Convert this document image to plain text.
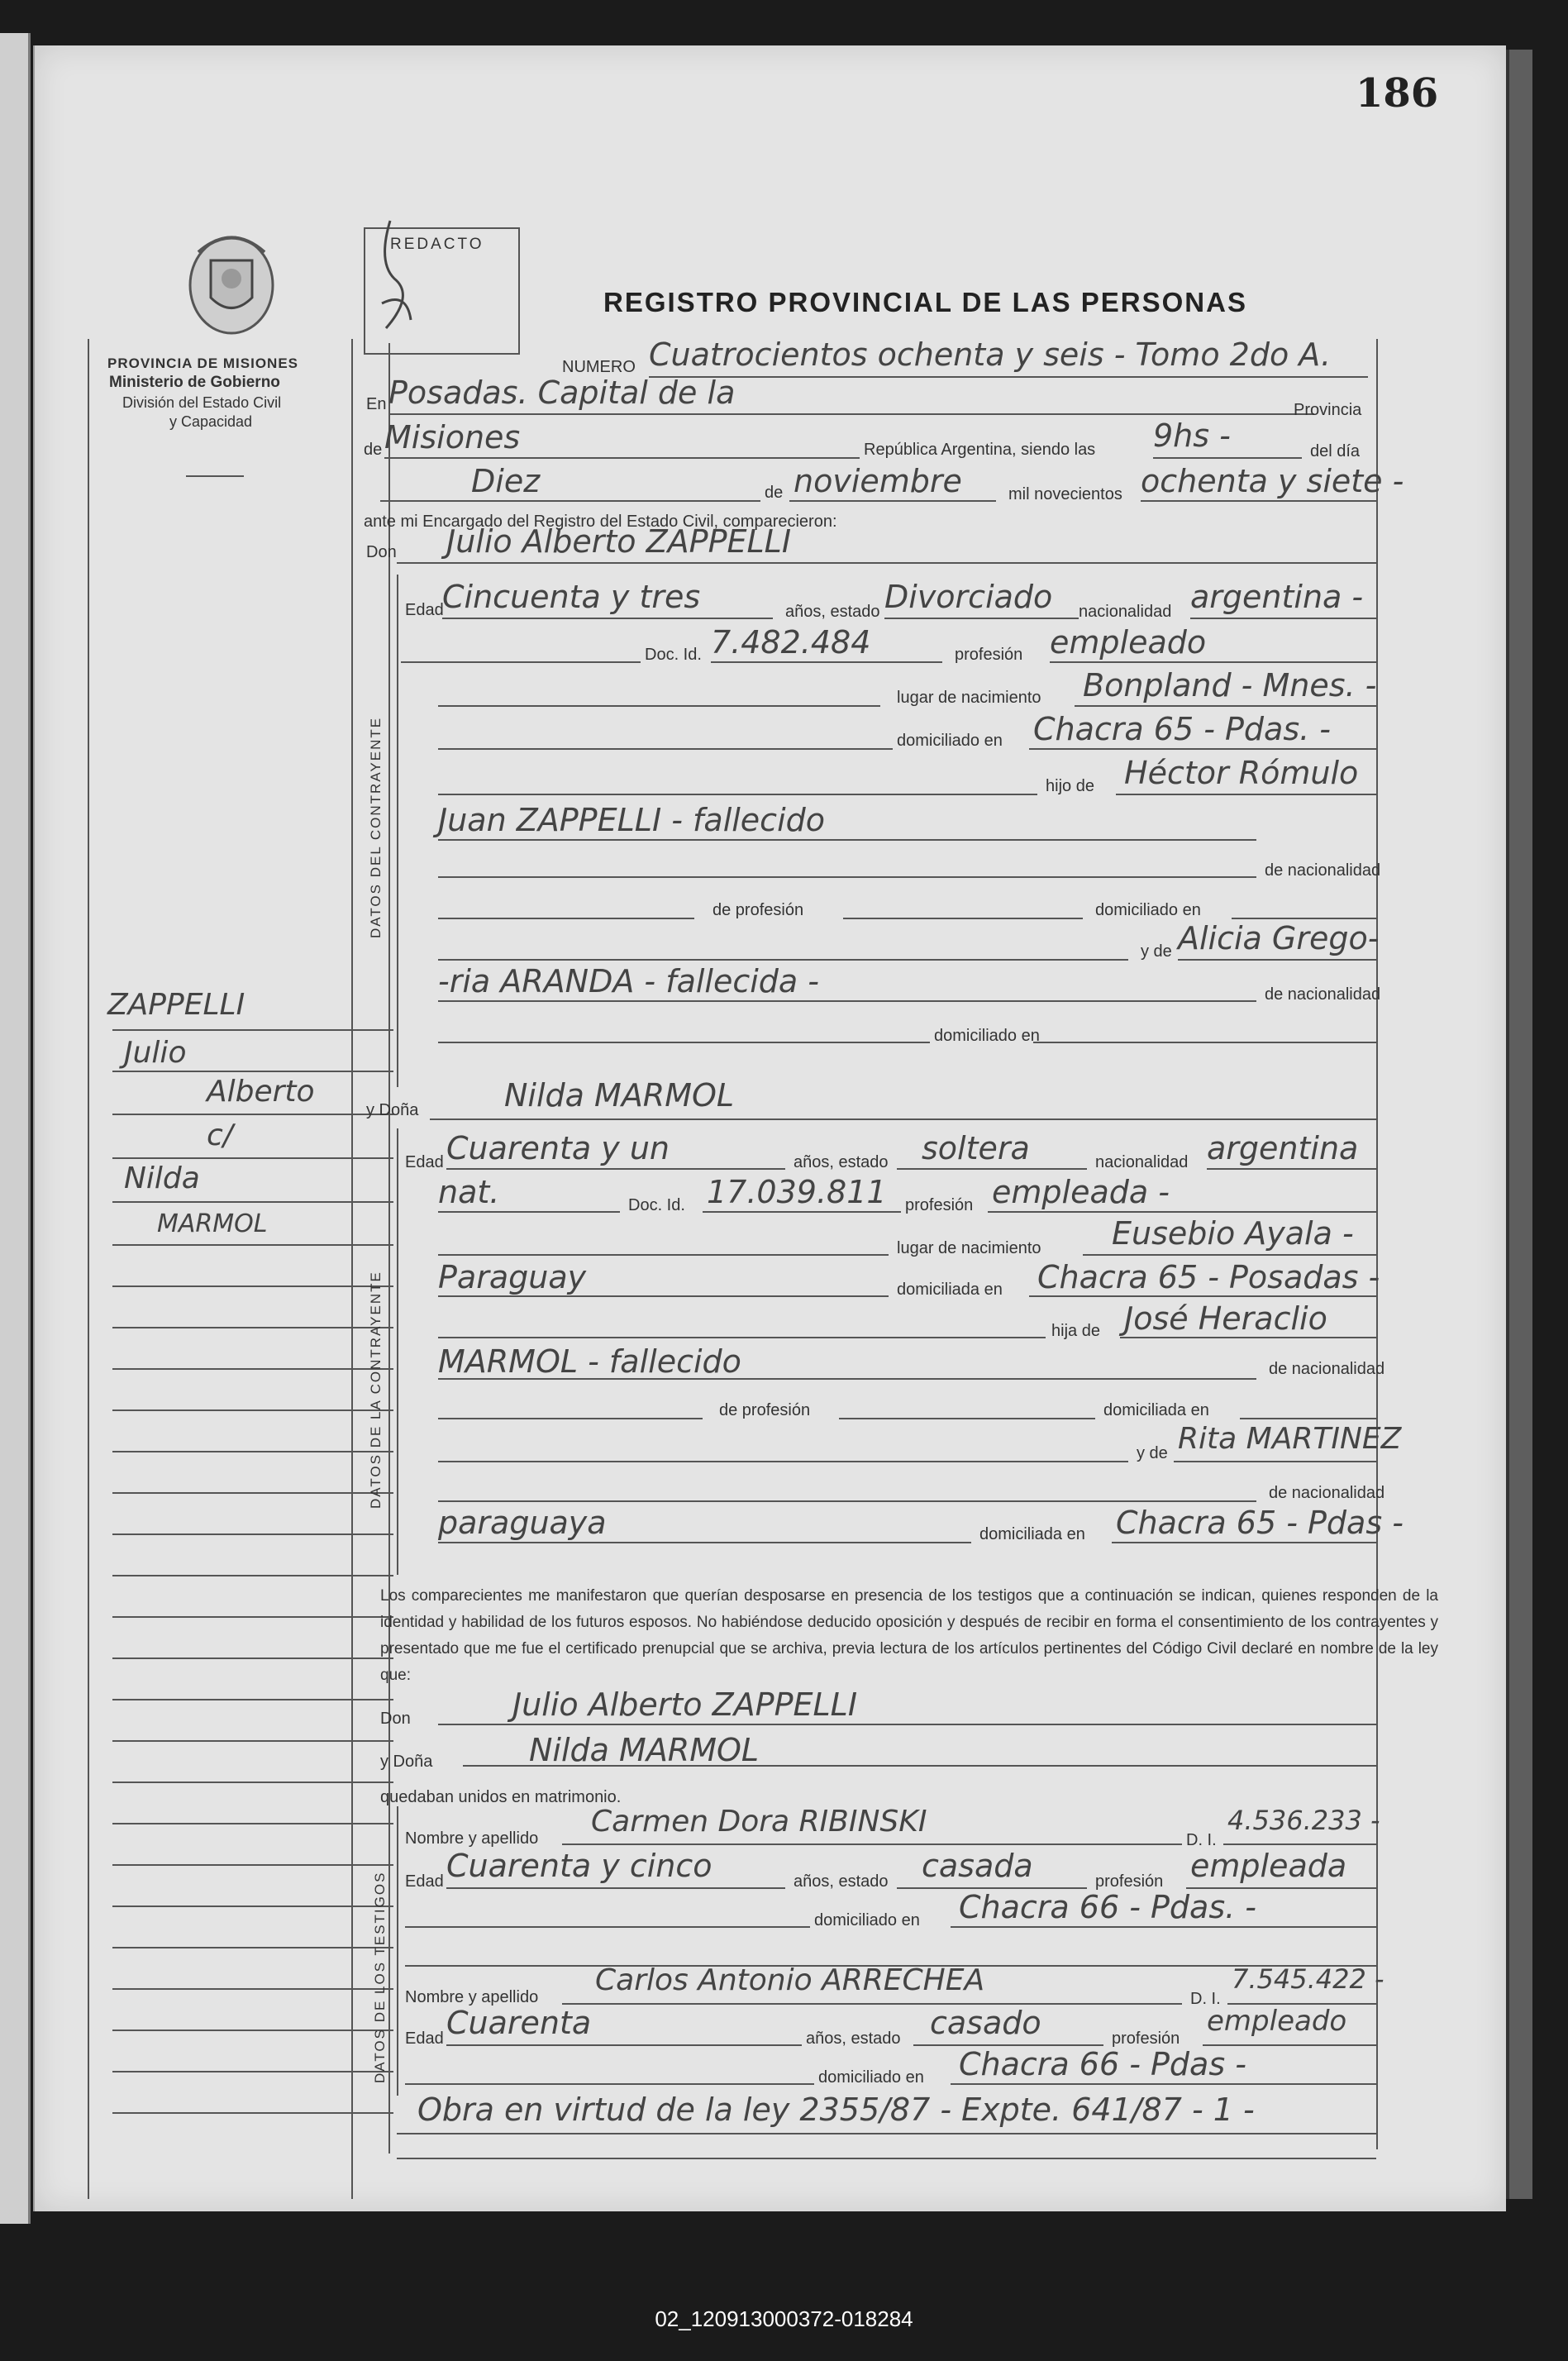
186
PROVINCIA DE MISIONES
Ministerio de Gobierno
División del Estado Civil
y Capacidad
ZAPPELLI
Julio
Alberto
c/
Nilda
MARMOL
REDACTO
REGISTRO PROVINCIAL DE LAS PERSONAS
NUMERO Cuatrocientos ochenta y seis - Tomo 2do A.
En Posadas. Capital de la	Provincia
de Misiones	República Argentina, siendo las 9hs -	del día
Diez	de noviembre	mil novecientos ochenta y siete -
ante mi Encargado del Registro del Estado Civil, comparecieron:
Don Julio Alberto ZAPPELLI
DATOS DEL CONTRAYENTE
Edad
Cincuenta y tres	años, estado Divorciado nacionalidad argentina -
Doc. Id. 7.482.484	profesión empleado
lugar de nacimiento Bonpland - Mnes. -
domiciliado en Chacra 65 - Pdas. -
hijo de Héctor Rómulo
Juan ZAPPELLI - fallecido
de nacionalidad
de profesión	domiciliado en
y de Alicia Grego-
-ria ARANDA - fallecida -	de nacionalidad
domiciliado en
y Doña	Nilda MARMOL
DATOS DE LA CONTRAYENTE
Edad Cuarenta y un	años, estado soltera	nacionalidad argentina
nat.	Doc. Id. 17.039.811 profesión empleada -
lugar de nacimiento Eusebio Ayala -
Paraguay	domiciliada en Chacra 65 - Posadas -
hija de José Heraclio
MARMOL - fallecido	de nacionalidad
de profesión	domiciliada en
y de Rita MARTINEZ
de nacionalidad
paraguaya	domiciliada en Chacra 65 - Pdas -
Los comparecientes me manifestaron que querían desposarse en presencia de los testigos que a continuación se indican, quienes responden de la identidad y habilidad de los futuros esposos. No habiéndose deducido oposición y después de recibir en forma el consentimiento de los contrayentes y presentado que me fue el certificado prenupcial que se archiva, previa lectura de los artículos pertinentes del Código Civil declaré en nombre de la ley que:
Don	Julio Alberto ZAPPELLI
y Doña	Nilda MARMOL
quedaban unidos en matrimonio.
DATOS DE LOS TESTIGOS
Nombre y apellido Carmen Dora RIBINSKI
D. I.
4.536.233 -
Edad Cuarenta y cinco	años, estado casada	profesión empleada
domiciliado en Chacra 66 - Pdas. -
Nombre y apellido Carlos Antonio ARRECHEA
D. I.
7.545.422 -
Edad Cuarenta	años, estado casado	profesión
empleado
domiciliado en Chacra 66 - Pdas -
Obra en virtud de la ley 2355/87 - Expte. 641/87 - 1 -
02_120913000372-018284
